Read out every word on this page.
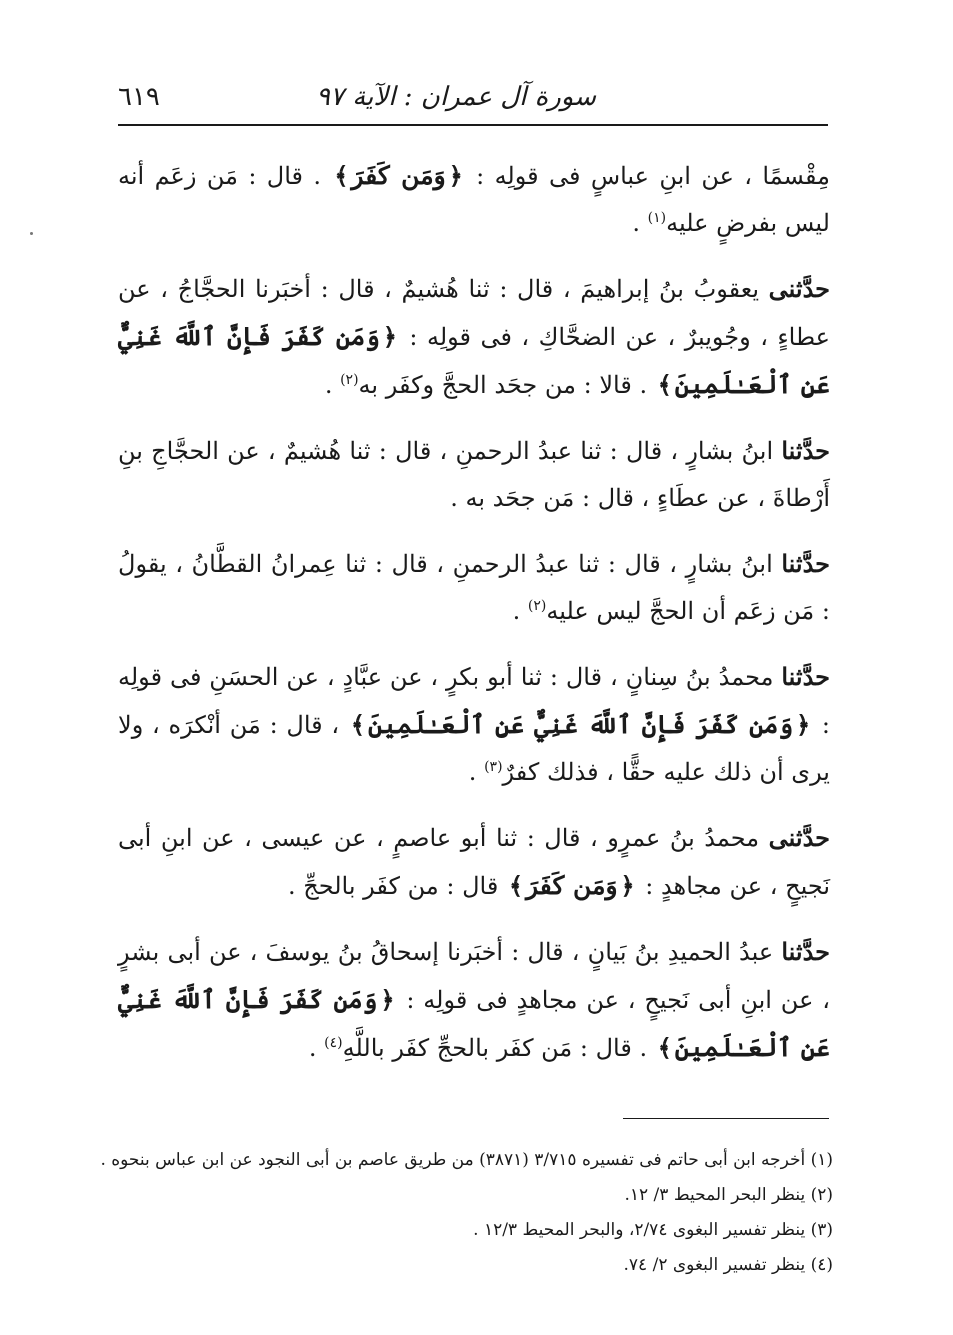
سورة آل عمران : الآية ٩٧
٦١٩

مِقْسمًا ، عن ابنِ عباسٍ فى قولِه : ﴿وَمَن كَفَرَ﴾ . قال : مَن زعَم أنه ليس بفرضٍ عليه$^{(١)}$ .

حدَّثنى يعقوبُ بنُ إبراهيمَ ، قال : ثنا هُشيمٌ ، قال : أخبَرنا الحجَّاجُ ، عن عطاءٍ ، وجُويبرٌ ، عن الضحَّاكِ ، فى قولِه : ﴿وَمَن كَفَرَ فَإِنَّ ٱللَّهَ غَنِيٌّ عَنِ ٱلْعَـٰلَمِينَ﴾ . قالا : من جحَد الحجَّ وكفَر به$^{(٢)}$ .

حدَّثنا ابنُ بشارٍ ، قال : ثنا عبدُ الرحمنِ ، قال : ثنا هُشيمٌ ، عن الحجَّاجِ بنِ أَرْطاةَ ، عن عطَاءٍ ، قال : مَن جحَد به .

حدَّثنا ابنُ بشارٍ ، قال : ثنا عبدُ الرحمنِ ، قال : ثنا عِمرانُ القطَّانُ ، يقولُ : مَن زعَم أن الحجَّ ليس عليه$^{(٢)}$ .

حدَّثنا محمدُ بنُ سِنانٍ ، قال : ثنا أبو بكرٍ ، عن عبَّادٍ ، عن الحسَنِ فى قولِه : ﴿وَمَن كَفَرَ فَإِنَّ ٱللَّهَ غَنِيٌّ عَنِ ٱلْعَـٰلَمِينَ﴾ ، قال : مَن أنْكرَه ، ولا يرى أن ذلك عليه حقًّا ، فذلك كفرٌ$^{(٣)}$ .

حدَّثنى محمدُ بنُ عمرٍو ، قال : ثنا أبو عاصمٍ ، عن عيسى ، عن ابنِ أبى نَجيحٍ ، عن مجاهدٍ : ﴿وَمَن كَفَرَ﴾ قال : من كفَر بالحجِّ .

حدَّثنا عبدُ الحميدِ بنُ بَيانٍ ، قال : أخبَرنا إسحاقُ بنُ يوسفَ ، عن أبى بشرٍ ، عن ابنِ أبى نَجيحٍ ، عن مجاهدٍ فى قولِه : ﴿وَمَن كَفَرَ فَإِنَّ ٱللَّهَ غَنِيٌّ عَنِ ٱلْعَـٰلَمِينَ﴾ . قال : مَن كفَر بالحجِّ كفَر باللَّهِ$^{(٤)}$ .

(١) أخرجه ابن أبى حاتم فى تفسيره ٣/٧١٥ (٣٨٧١) من طريق عاصم بن أبى النجود عن ابن عباس بنحوه .
(٢) ينظر البحر المحيط ٣/ ١٢.
(٣) ينظر تفسير البغوى ٢/٧٤، والبحر المحيط ١٢/٣ .
(٤) ينظر تفسير البغوى ٢/ ٧٤.
